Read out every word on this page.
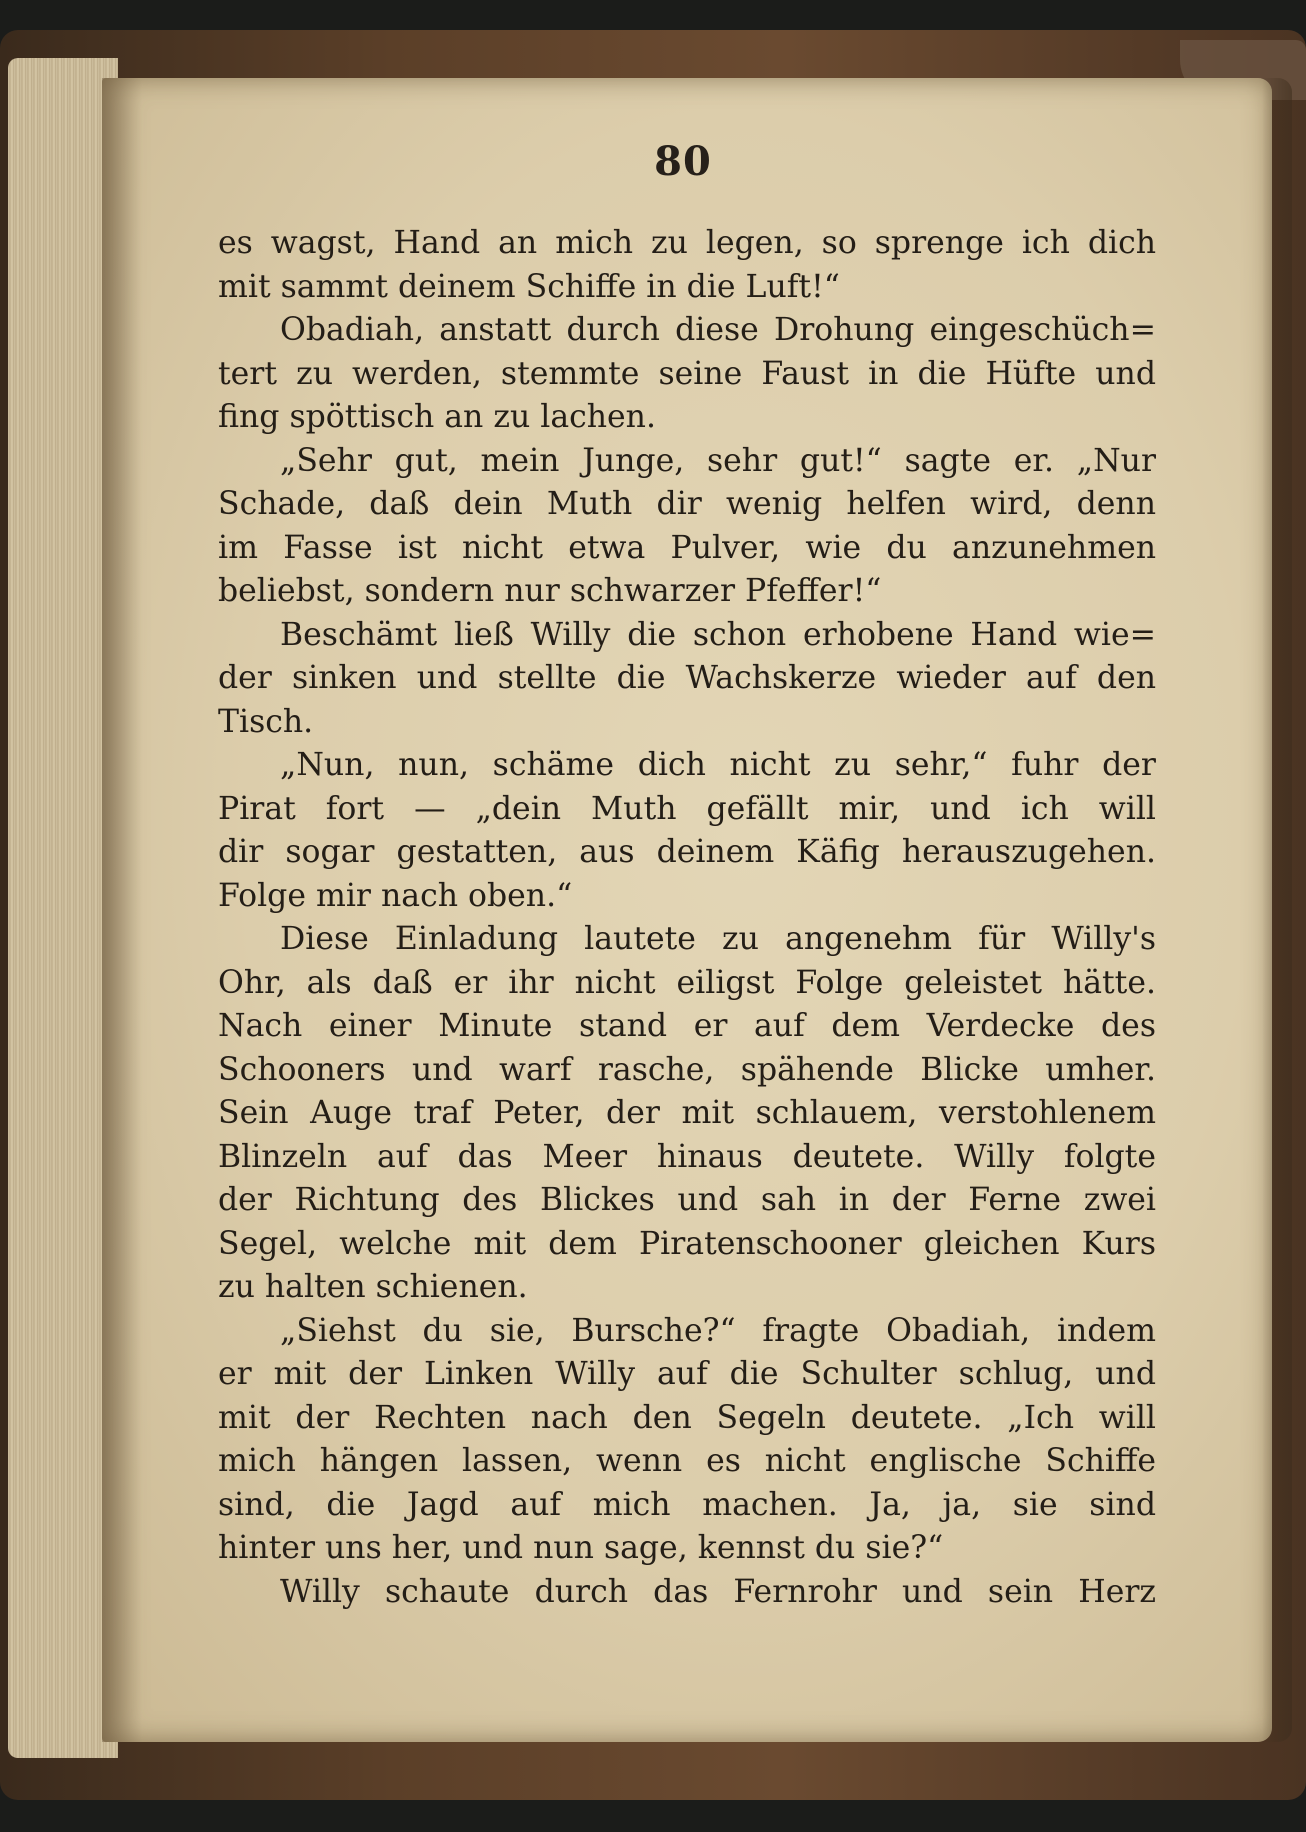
80
es wagst, Hand an mich zu legen, so sprenge ich dich
mit sammt deinem Schiffe in die Luft!“
Obadiah, anstatt durch diese Drohung eingeschüch=
tert zu werden, stemmte seine Faust in die Hüfte und
fing spöttisch an zu lachen.
„Sehr gut, mein Junge, sehr gut!“ sagte er. „Nur
Schade, daß dein Muth dir wenig helfen wird, denn
im Fasse ist nicht etwa Pulver, wie du anzunehmen
beliebst, sondern nur schwarzer Pfeffer!“
Beschämt ließ Willy die schon erhobene Hand wie=
der sinken und stellte die Wachskerze wieder auf den
Tisch.
„Nun, nun, schäme dich nicht zu sehr,“ fuhr der
Pirat fort — „dein Muth gefällt mir, und ich will
dir sogar gestatten, aus deinem Käfig herauszugehen.
Folge mir nach oben.“
Diese Einladung lautete zu angenehm für Willy's
Ohr, als daß er ihr nicht eiligst Folge geleistet hätte.
Nach einer Minute stand er auf dem Verdecke des
Schooners und warf rasche, spähende Blicke umher.
Sein Auge traf Peter, der mit schlauem, verstohlenem
Blinzeln auf das Meer hinaus deutete. Willy folgte
der Richtung des Blickes und sah in der Ferne zwei
Segel, welche mit dem Piratenschooner gleichen Kurs
zu halten schienen.
„Siehst du sie, Bursche?“ fragte Obadiah, indem
er mit der Linken Willy auf die Schulter schlug, und
mit der Rechten nach den Segeln deutete. „Ich will
mich hängen lassen, wenn es nicht englische Schiffe
sind, die Jagd auf mich machen. Ja, ja, sie sind
hinter uns her, und nun sage, kennst du sie?“
Willy schaute durch das Fernrohr und sein Herz
